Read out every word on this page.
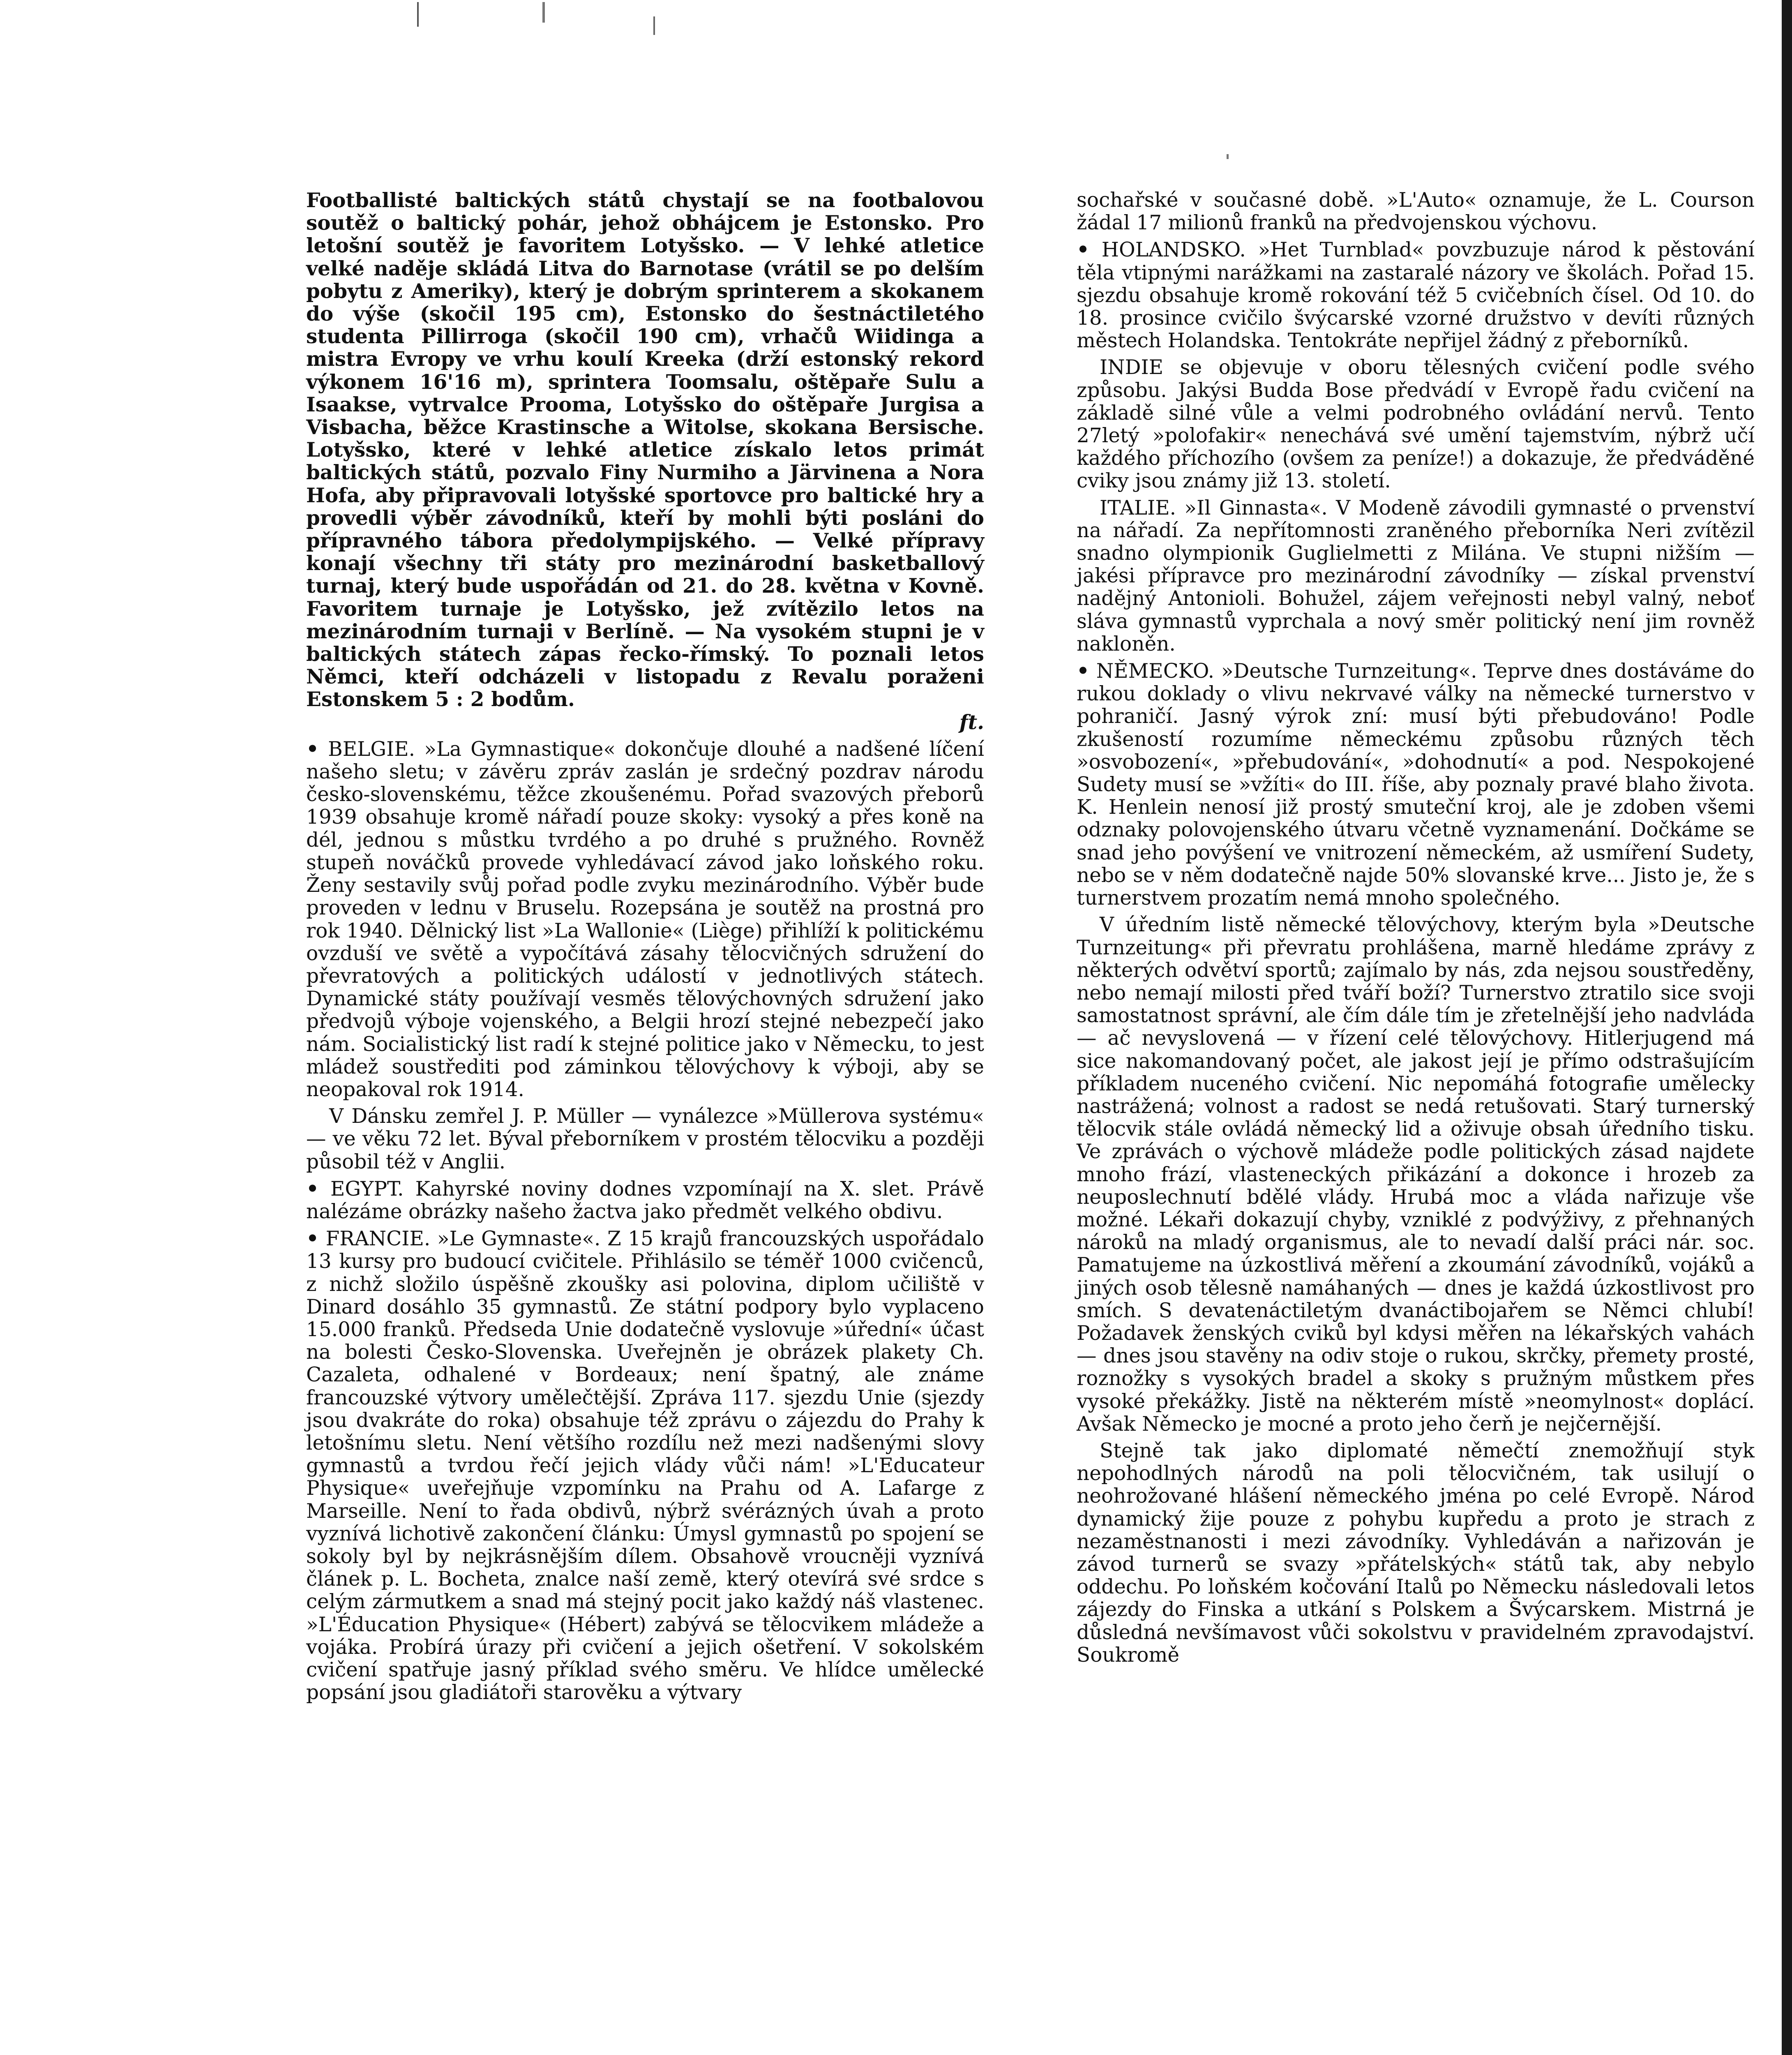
Footballisté baltických států chystají se na footbalovou soutěž o baltický pohár, jehož obhájcem je Estonsko. Pro letošní soutěž je favoritem Lotyšsko. — V lehké atletice velké naděje skládá Litva do Barnotase (vrátil se po delším pobytu z Ameriky), který je dobrým sprinterem a skokanem do výše (skočil 195 cm), Estonsko do šestnáctiletého studenta Pillirroga (skočil 190 cm), vrhačů Wiidinga a mistra Evropy ve vrhu koulí Kreeka (drží estonský rekord výkonem 16'16 m), sprintera Toomsalu, oštěpaře Sulu a Isaakse, vytrvalce Prooma, Lotyšsko do oštěpaře Jurgisa a Visbacha, běžce Krastinsche a Witolse, skokana Bersische. Lotyšsko, které v lehké atletice získalo letos primát baltických států, pozvalo Finy Nurmiho a Järvinena a Nora Hofa, aby připravovali lotyšské sportovce pro baltické hry a provedli výběr závodníků, kteří by mohli býti posláni do přípravného tábora předolympijského. — Velké přípravy konají všechny tři státy pro mezinárodní basketballový turnaj, který bude uspořádán od 21. do 28. května v Kovně. Favoritem turnaje je Lotyšsko, jež zvítězilo letos na mezinárodním turnaji v Berlíně. — Na vysokém stupni je v baltických státech zápas řecko-římský. To poznali letos Němci, kteří odcházeli v listopadu z Revalu poraženi Estonskem 5 : 2 bodům.
ft.

• BELGIE. »La Gymnastique« dokončuje dlouhé a nadšené líčení našeho sletu; v závěru zpráv zaslán je srdečný pozdrav národu česko-slovenskému, těžce zkoušenému. Pořad svazových přeborů 1939 obsahuje kromě nářadí pouze skoky: vysoký a přes koně na dél, jednou s můstku tvrdého a po druhé s pružného. Rovněž stupeň nováčků provede vyhledávací závod jako loňského roku. Ženy sestavily svůj pořad podle zvyku mezinárodního. Výběr bude proveden v lednu v Bruselu. Rozepsána je soutěž na prostná pro rok 1940. Dělnický list »La Wallonie« (Liège) přihlíží k politickému ovzduší ve světě a vypočítává zásahy tělocvičných sdružení do převratových a politických událostí v jednotlivých státech. Dynamické státy používají vesměs tělovýchovných sdružení jako předvojů výboje vojenského, a Belgii hrozí stejné nebezpečí jako nám. Socialistický list radí k stejné politice jako v Německu, to jest mládež soustřediti pod záminkou tělovýchovy k výboji, aby se neopakoval rok 1914.

V Dánsku zemřel J. P. Müller — vynálezce »Müllerova systému« — ve věku 72 let. Býval přeborníkem v prostém tělocviku a později působil též v Anglii.

• EGYPT. Kahyrské noviny dodnes vzpomínají na X. slet. Právě nalézáme obrázky našeho žactva jako předmět velkého obdivu.

• FRANCIE. »Le Gymnaste«. Z 15 krajů francouzských uspořádalo 13 kursy pro budoucí cvičitele. Přihlásilo se téměř 1000 cvičenců, z nichž složilo úspěšně zkoušky asi polovina, diplom učiliště v Dinard dosáhlo 35 gymnastů. Ze státní podpory bylo vyplaceno 15.000 franků. Předseda Unie dodatečně vyslovuje »úřední« účast na bolesti Česko-Slovenska. Uveřejněn je obrázek plakety Ch. Cazaleta, odhalené v Bordeaux; není špatný, ale známe francouzské výtvory umělečtější. Zpráva 117. sjezdu Unie (sjezdy jsou dvakráte do roka) obsahuje též zprávu o zájezdu do Prahy k letošnímu sletu. Není většího rozdílu než mezi nadšenými slovy gymnastů a tvrdou řečí jejich vlády vůči nám! »L'Educateur Physique« uveřejňuje vzpomínku na Prahu od A. Lafarge z Marseille. Není to řada obdivů, nýbrž svérázných úvah a proto vyznívá lichotivě zakončení článku: Úmysl gymnastů po spojení se sokoly byl by nejkrásnějším dílem. Obsahově vroucněji vyznívá článek p. L. Bocheta, znalce naší země, který otevírá své srdce s celým zármutkem a snad má stejný pocit jako každý náš vlastenec. »L'Éducation Physique« (Hébert) zabývá se tělocvikem mládeže a vojáka. Probírá úrazy při cvičení a jejich ošetření. V sokolském cvičení spatřuje jasný příklad svého směru. Ve hlídce umělecké popsání jsou gladiátoři starověku a výtvary

sochařské v současné době. »L'Auto« oznamuje, že L. Courson žádal 17 milionů franků na předvojenskou výchovu.

• HOLANDSKO. »Het Turnblad« povzbuzuje národ k pěstování těla vtipnými narážkami na zastaralé názory ve školách. Pořad 15. sjezdu obsahuje kromě rokování též 5 cvičebních čísel. Od 10. do 18. prosince cvičilo švýcarské vzorné družstvo v devíti různých městech Holandska. Tentokráte nepřijel žádný z přeborníků.

INDIE se objevuje v oboru tělesných cvičení podle svého způsobu. Jakýsi Budda Bose předvádí v Evropě řadu cvičení na základě silné vůle a velmi podrobného ovládání nervů. Tento 27letý »polofakir« nenechává své umění tajemstvím, nýbrž učí každého příchozího (ovšem za peníze!) a dokazuje, že předváděné cviky jsou známy již 13. století.

ITALIE. »Il Ginnasta«. V Modeně závodili gymnasté o prvenství na nářadí. Za nepřítomnosti zraněného přeborníka Neri zvítězil snadno olympionik Guglielmetti z Milána. Ve stupni nižším — jakési přípravce pro mezinárodní závodníky — získal prvenství nadějný Antonioli. Bohužel, zájem veřejnosti nebyl valný, neboť sláva gymnastů vyprchala a nový směr politický není jim rovněž nakloněn.

• NĚMECKO. »Deutsche Turnzeitung«. Teprve dnes dostáváme do rukou doklady o vlivu nekrvavé války na německé turnerstvo v pohraničí. Jasný výrok zní: musí býti přebudováno! Podle zkušeností rozumíme německému způsobu různých těch »osvobození«, »přebudování«, »dohodnutí« a pod. Nespokojené Sudety musí se »vžíti« do III. říše, aby poznaly pravé blaho života. K. Henlein nenosí již prostý smuteční kroj, ale je zdoben všemi odznaky polovojenského útvaru včetně vyznamenání. Dočkáme se snad jeho povýšení ve vnitrození německém, až usmíření Sudety, nebo se v něm dodatečně najde 50% slovanské krve... Jisto je, že s turnerstvem prozatím nemá mnoho společného.

V úředním listě německé tělovýchovy, kterým byla »Deutsche Turnzeitung« při převratu prohlášena, marně hledáme zprávy z některých odvětví sportů; zajímalo by nás, zda nejsou soustředěny, nebo nemají milosti před tváří boží? Turnerstvo ztratilo sice svoji samostatnost správní, ale čím dále tím je zřetelnější jeho nadvláda — ač nevyslovená — v řízení celé tělovýchovy. Hitlerjugend má sice nakomandovaný počet, ale jakost její je přímo odstrašujícím příkladem nuceného cvičení. Nic nepomáhá fotografie umělecky nastrážená; volnost a radost se nedá retušovati. Starý turnerský tělocvik stále ovládá německý lid a oživuje obsah úředního tisku. Ve zprávách o výchově mládeže podle politických zásad najdete mnoho frází, vlasteneckých přikázání a dokonce i hrozeb za neuposlechnutí bdělé vlády. Hrubá moc a vláda nařizuje vše možné. Lékaři dokazují chyby, vzniklé z podvýživy, z přehnaných nároků na mladý organismus, ale to nevadí další práci nár. soc. Pamatujeme na úzkostlivá měření a zkoumání závodníků, vojáků a jiných osob tělesně namáhaných — dnes je každá úzkostlivost pro smích. S devatenáctiletým dvanáctibojařem se Němci chlubí! Požadavek ženských cviků byl kdysi měřen na lékařských vahách — dnes jsou stavěny na odiv stoje o rukou, skrčky, přemety prosté, roznožky s vysokých bradel a skoky s pružným můstkem přes vysoké překážky. Jistě na některém místě »neomylnost« doplácí. Avšak Německo je mocné a proto jeho čerň je nejčernější.

Stejně tak jako diplomaté němečtí znemožňují styk nepohodlných národů na poli tělocvičném, tak usilují o neohrožované hlášení německého jména po celé Evropě. Národ dynamický žije pouze z pohybu kupředu a proto je strach z nezaměstnanosti i mezi závodníky. Vyhledáván a nařizován je závod turnerů se svazy »přátelských« států tak, aby nebylo oddechu. Po loňském kočování Italů po Německu následovali letos zájezdy do Finska a utkání s Polskem a Švýcarskem. Mistrná je důsledná nevšímavost vůči sokolstvu v pravidelném zpravodajství. Soukromě
